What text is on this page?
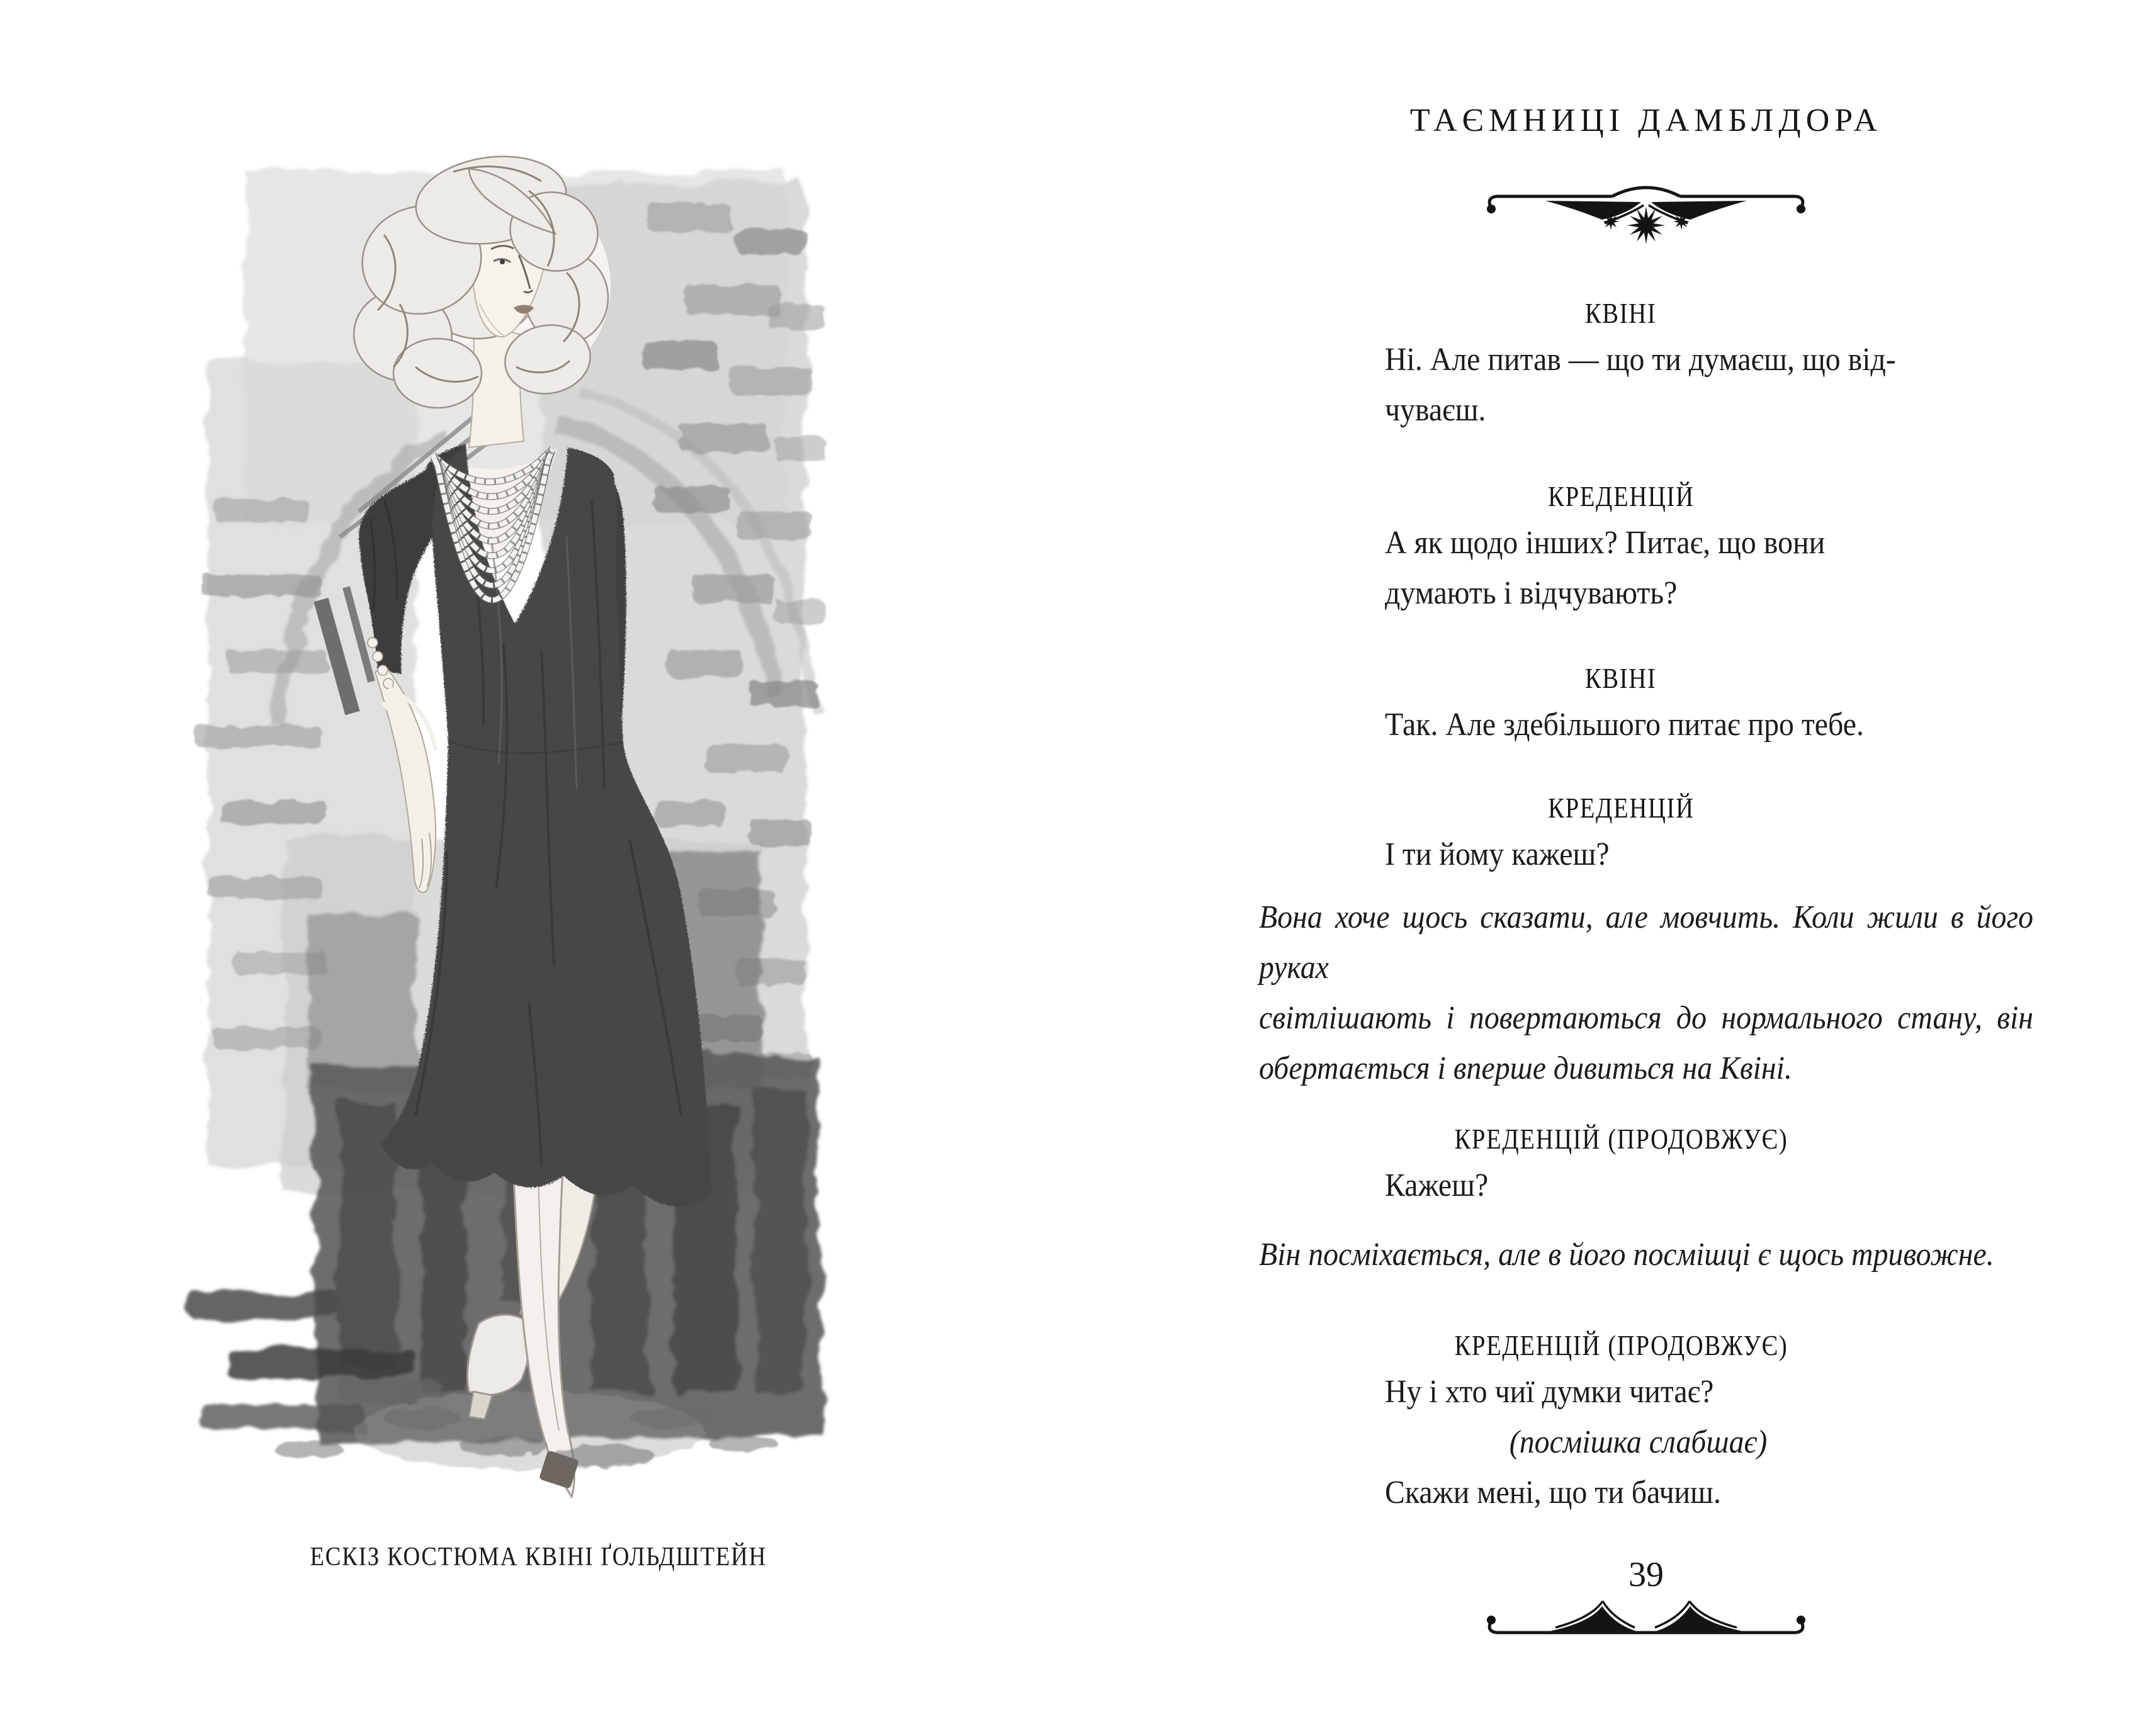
ЕСКІЗ КОСТЮМА КВІНІ ҐОЛЬДШТЕЙН
ТАЄМНИЦІ ДАМБЛДОРА
КВІНІ
Ні. Але питав — що ти думаєш, що від-
чуваєш.
КРЕДЕНЦІЙ
А як щодо інших? Питає, що вони
думають і відчувають?
КВІНІ
Так. Але здебільшого питає про тебе.
КРЕДЕНЦІЙ
І ти йому кажеш?
Вона хоче щось сказати, але мовчить. Коли жили в його руках
світлішають і повертаються до нормального стану, він
обертається і вперше дивиться на Квіні.
КРЕДЕНЦІЙ (ПРОДОВЖУЄ)
Кажеш?
Він посміхається, але в його посмішці є щось тривожне.
КРЕДЕНЦІЙ (ПРОДОВЖУЄ)
Ну і хто чиї думки читає?
(посмішка слабшає)
Скажи мені, що ти бачиш.
39
